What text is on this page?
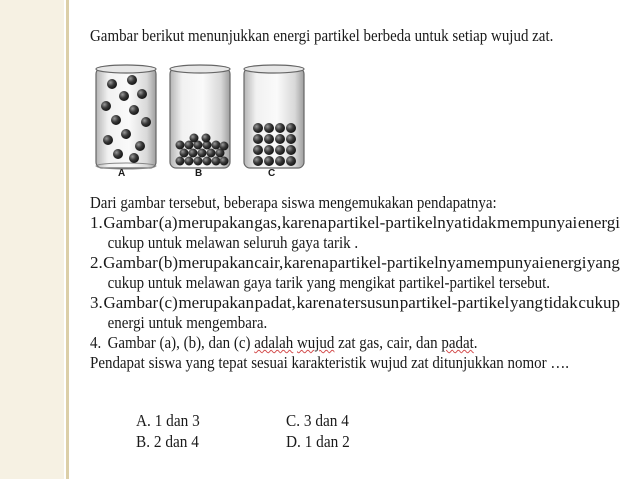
Gambar berikut menunjukkan energi partikel berbeda untuk setiap wujud zat.
A	B	C
Dari gambar tersebut, beberapa siswa mengemukakan pendapatnya:
1. Gambar (a) merupakan gas, karena partikel-partikelnya tidak mempunyai energi
cukup untuk melawan seluruh gaya tarik .
2. Gambar (b) merupakan cair, karena partikel-partikelnya mempunyai energi yang
cukup untuk melawan gaya tarik yang mengikat partikel-partikel tersebut.
3. Gambar (c) merupakan padat, karena tersusun partikel-partikel yang tidak cukup
energi untuk mengembara.
4. Gambar (a), (b), dan (c) adalah wujud zat gas, cair, dan padat.
Pendapat siswa yang tepat sesuai karakteristik wujud zat ditunjukkan nomor ….
A. 1 dan 3	C. 3 dan 4
B. 2 dan 4	D. 1 dan 2
